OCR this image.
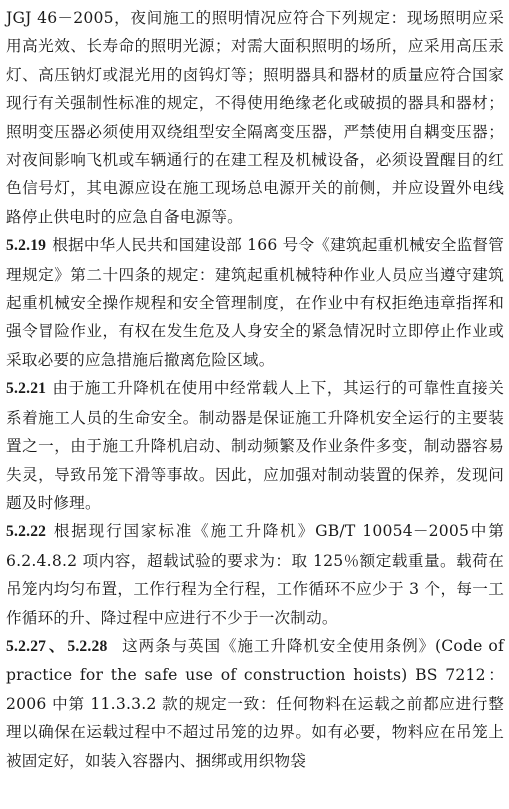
JGJ 46－2005，夜间施工的照明情况应符合下列规定：现场照明应采用高光效、长寿命的照明光源；对需大面积照明的场所，应采用高压汞灯、高压钠灯或混光用的卤钨灯等；照明器具和器材的质量应符合国家现行有关强制性标准的规定，不得使用绝缘老化或破损的器具和器材；照明变压器必须使用双绕组型安全隔离变压器，严禁使用自耦变压器；对夜间影响飞机或车辆通行的在建工程及机械设备，必须设置醒目的红色信号灯，其电源应设在施工现场总电源开关的前侧，并应设置外电线路停止供电时的应急自备电源等。

5.2.19 根据中华人民共和国建设部 166 号令《建筑起重机械安全监督管理规定》第二十四条的规定：建筑起重机械特种作业人员应当遵守建筑起重机械安全操作规程和安全管理制度，在作业中有权拒绝违章指挥和强令冒险作业，有权在发生危及人身安全的紧急情况时立即停止作业或采取必要的应急措施后撤离危险区域。

5.2.21 由于施工升降机在使用中经常载人上下，其运行的可靠性直接关系着施工人员的生命安全。制动器是保证施工升降机安全运行的主要装置之一，由于施工升降机启动、制动频繁及作业条件多变，制动器容易失灵，导致吊笼下滑等事故。因此，应加强对制动装置的保养，发现问题及时修理。

5.2.22 根据现行国家标准《施工升降机》GB/T 10054－2005中第 6.2.4.8.2 项内容，超载试验的要求为：取 125％额定载重量。载荷在吊笼内均匀布置，工作行程为全行程，工作循环不应少于 3 个，每一工作循环的升、降过程中应进行不少于一次制动。

5.2.27 、 5.2.28 这两条与英国《施工升降机安全使用条例》(Code of practice for the safe use of construction hoists) BS 7212：2006 中第 11.3.3.2 款的规定一致：任何物料在运载之前都应进行整理以确保在运载过程中不超过吊笼的边界。如有必要，物料应在吊笼上被固定好，如装入容器内、捆绑或用织物袋
